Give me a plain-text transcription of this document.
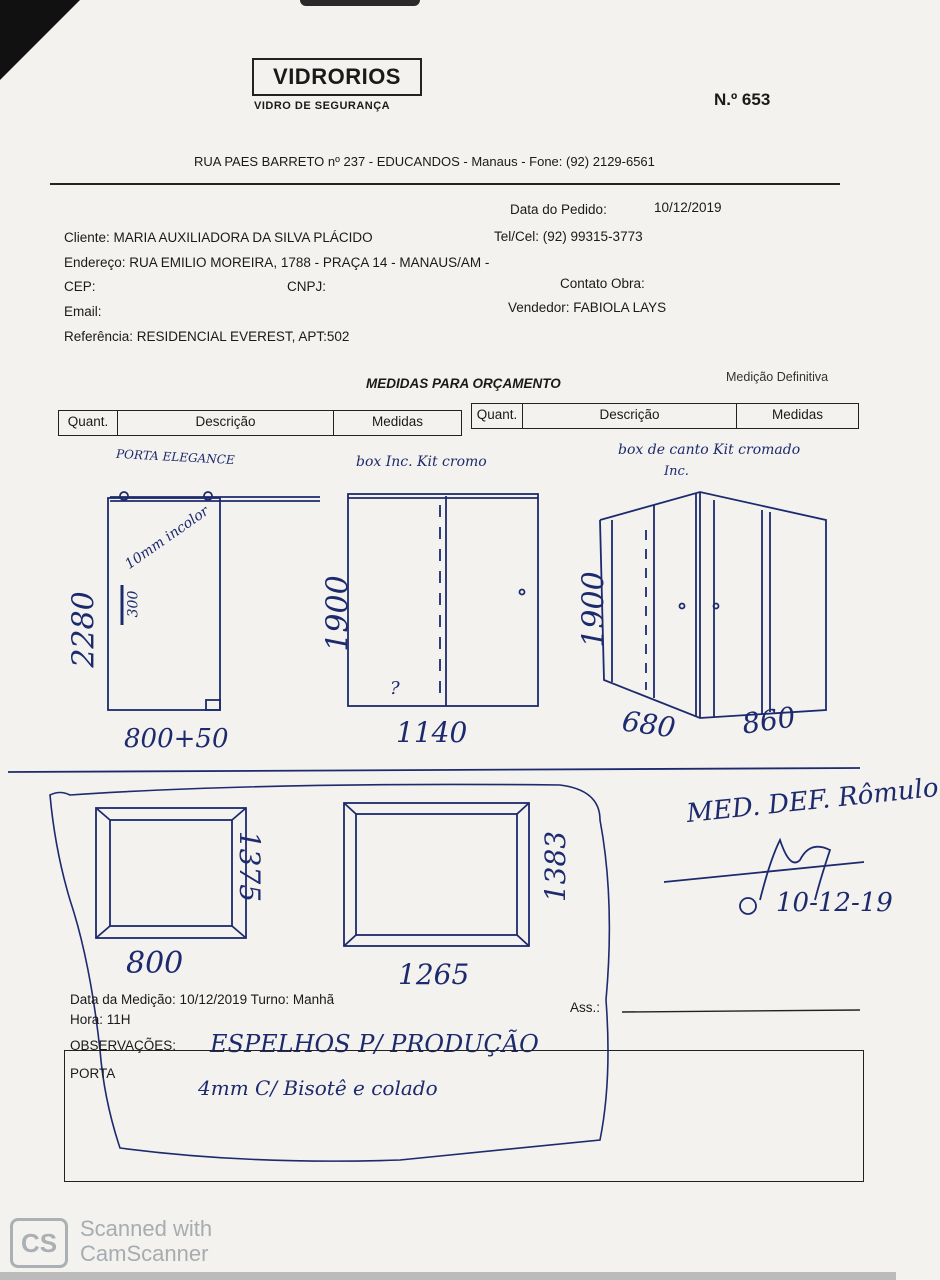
VIDRORIOS
VIDRO DE SEGURANÇA	N.º 653
RUA PAES BARRETO nº 237 - EDUCANDOS - Manaus - Fone: (92) 2129-6561
Data do Pedido:	10/12/2019
Cliente: MARIA AUXILIADORA DA SILVA PLÁCIDO	Tel/Cel: (92) 99315-3773
Endereço: RUA EMILIO MOREIRA, 1788 - PRAÇA 14 - MANAUS/AM -
CEP:	CNPJ:	Contato Obra:
Email:	Vendedor: FABIOLA LAYS
Referência: RESIDENCIAL EVEREST, APT:502
MEDIDAS PARA ORÇAMENTO	Medição Definitiva
Quant.	Descrição	Medidas	Quant.	Descrição	Medidas
PORTA ELEGANCE
10mm incolor
2280 300
800+50
box Inc. Kit cromo
1900
?
1140
box de canto Kit cromado
Inc.
1900
680 860
1375
800
1383
1265
MED. DEF. Rômulo
10-12-19
Data da Medição: 10/12/2019 Turno: Manhã
Hora: 11H
Ass.:
OBSERVAÇÕES: ESPELHOS P/ PRODUÇÃO
PORTA
4mm C/ Bisotê e colado
CS	Scanned with
CamScanner
